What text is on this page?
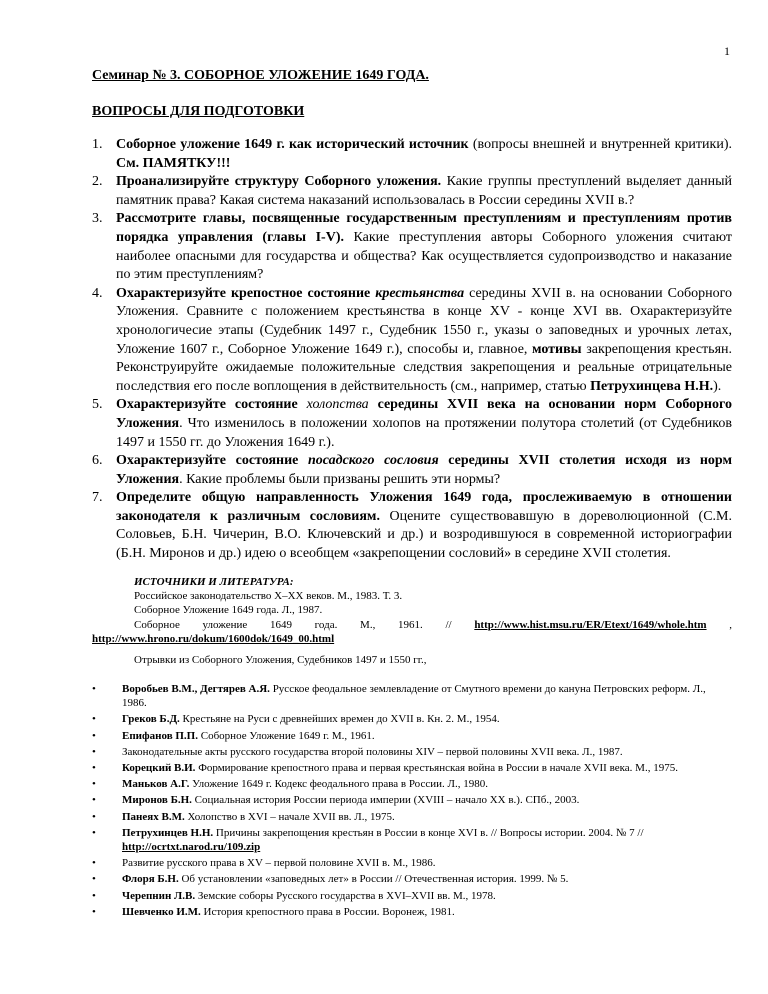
1
Семинар № 3. СОБОРНОЕ УЛОЖЕНИЕ 1649 ГОДА.
ВОПРОСЫ ДЛЯ ПОДГОТОВКИ
1. Соборное уложение 1649 г. как исторический источник (вопросы внешней и внутренней критики). См. ПАМЯТКУ!!!
2. Проанализируйте структуру Соборного уложения. Какие группы преступлений выделяет данный памятник права? Какая система наказаний использовалась в России середины XVII в.?
3. Рассмотрите главы, посвященные государственным преступлениям и преступлениям против порядка управления (главы I-V). Какие преступления авторы Соборного уложения считают наиболее опасными для государства и общества? Как осуществляется судопроизводство и наказание по этим преступлениям?
4. Охарактеризуйте крепостное состояние крестьянства середины XVII в. на основании Соборного Уложения. Сравните с положением крестьянства в конце XV - конце XVI вв. Охарактеризуйте хронологичесие этапы (Судебник 1497 г., Судебник 1550 г., указы о заповедных и урочных летах, Уложение 1607 г., Соборное Уложение 1649 г.), способы и, главное, мотивы закрепощения крестьян. Реконструируйте ожидаемые положительные следствия закрепощения и реальные отрицательные последствия его после воплощения в действительность (см., например, статью Петрухинцева Н.Н.).
5. Охарактеризуйте состояние холопства середины XVII века на основании норм Соборного Уложения. Что изменилось в положении холопов на протяжении полутора столетий (от Судебников 1497 и 1550 гг. до Уложения 1649 г.).
6. Охарактеризуйте состояние посадского сословия середины XVII столетия исходя из норм Уложения. Какие проблемы были призваны решить эти нормы?
7. Определите общую направленность Уложения 1649 года, прослеживаемую в отношении законодателя к различным сословиям. Оцените существовавшую в дореволюционной (С.М. Соловьев, Б.Н. Чичерин, В.О. Ключевский и др.) и возродившуюся в современной историографии (Б.Н. Миронов и др.) идею о всеобщем «закрепощении сословий» в середине XVII столетия.
ИСТОЧНИКИ И ЛИТЕРАТУРА:
Российское законодательство X–XX веков. М., 1983. Т. 3.
Соборное Уложение 1649 года. Л., 1987.
Соборное уложение 1649 года. М., 1961. // http://www.hist.msu.ru/ER/Etext/1649/whole.htm ,
http://www.hrono.ru/dokum/1600dok/1649_00.html
Отрывки из Соборного Уложения, Судебников 1497 и 1550 гг.,
• Воробьев В.М., Дегтярев А.Я. Русское феодальное землевладение от Смутного времени до кануна Петровских реформ. Л., 1986.
• Греков Б.Д. Крестьяне на Руси с древнейших времен до XVII в. Кн. 2. М., 1954.
• Епифанов П.П. Соборное Уложение 1649 г. М., 1961.
• Законодательные акты русского государства второй половины XIV – первой половины XVII века. Л., 1987.
• Корецкий В.И. Формирование крепостного права и первая крестьянская война в России в начале XVII века. М., 1975.
• Маньков А.Г. Уложение 1649 г. Кодекс феодального права в России. Л., 1980.
• Миронов Б.Н. Социальная история России периода империи (XVIII – начало XX в.). СПб., 2003.
• Панеях В.М. Холопство в XVI – начале XVII вв. Л., 1975.
• Петрухинцев Н.Н. Причины закрепощения крестьян в России в конце XVI в. // Вопросы истории. 2004. № 7 // http://ocrtxt.narod.ru/109.zip
• Развитие русского права в XV – первой половине XVII в. М., 1986.
• Флоря Б.Н. Об установлении «заповедных лет» в России // Отечественная история. 1999. № 5.
• Черепнин Л.В. Земские соборы Русского государства в XVI–XVII вв. М., 1978.
• Шевченко И.М. История крепостного права в России. Воронеж, 1981.
